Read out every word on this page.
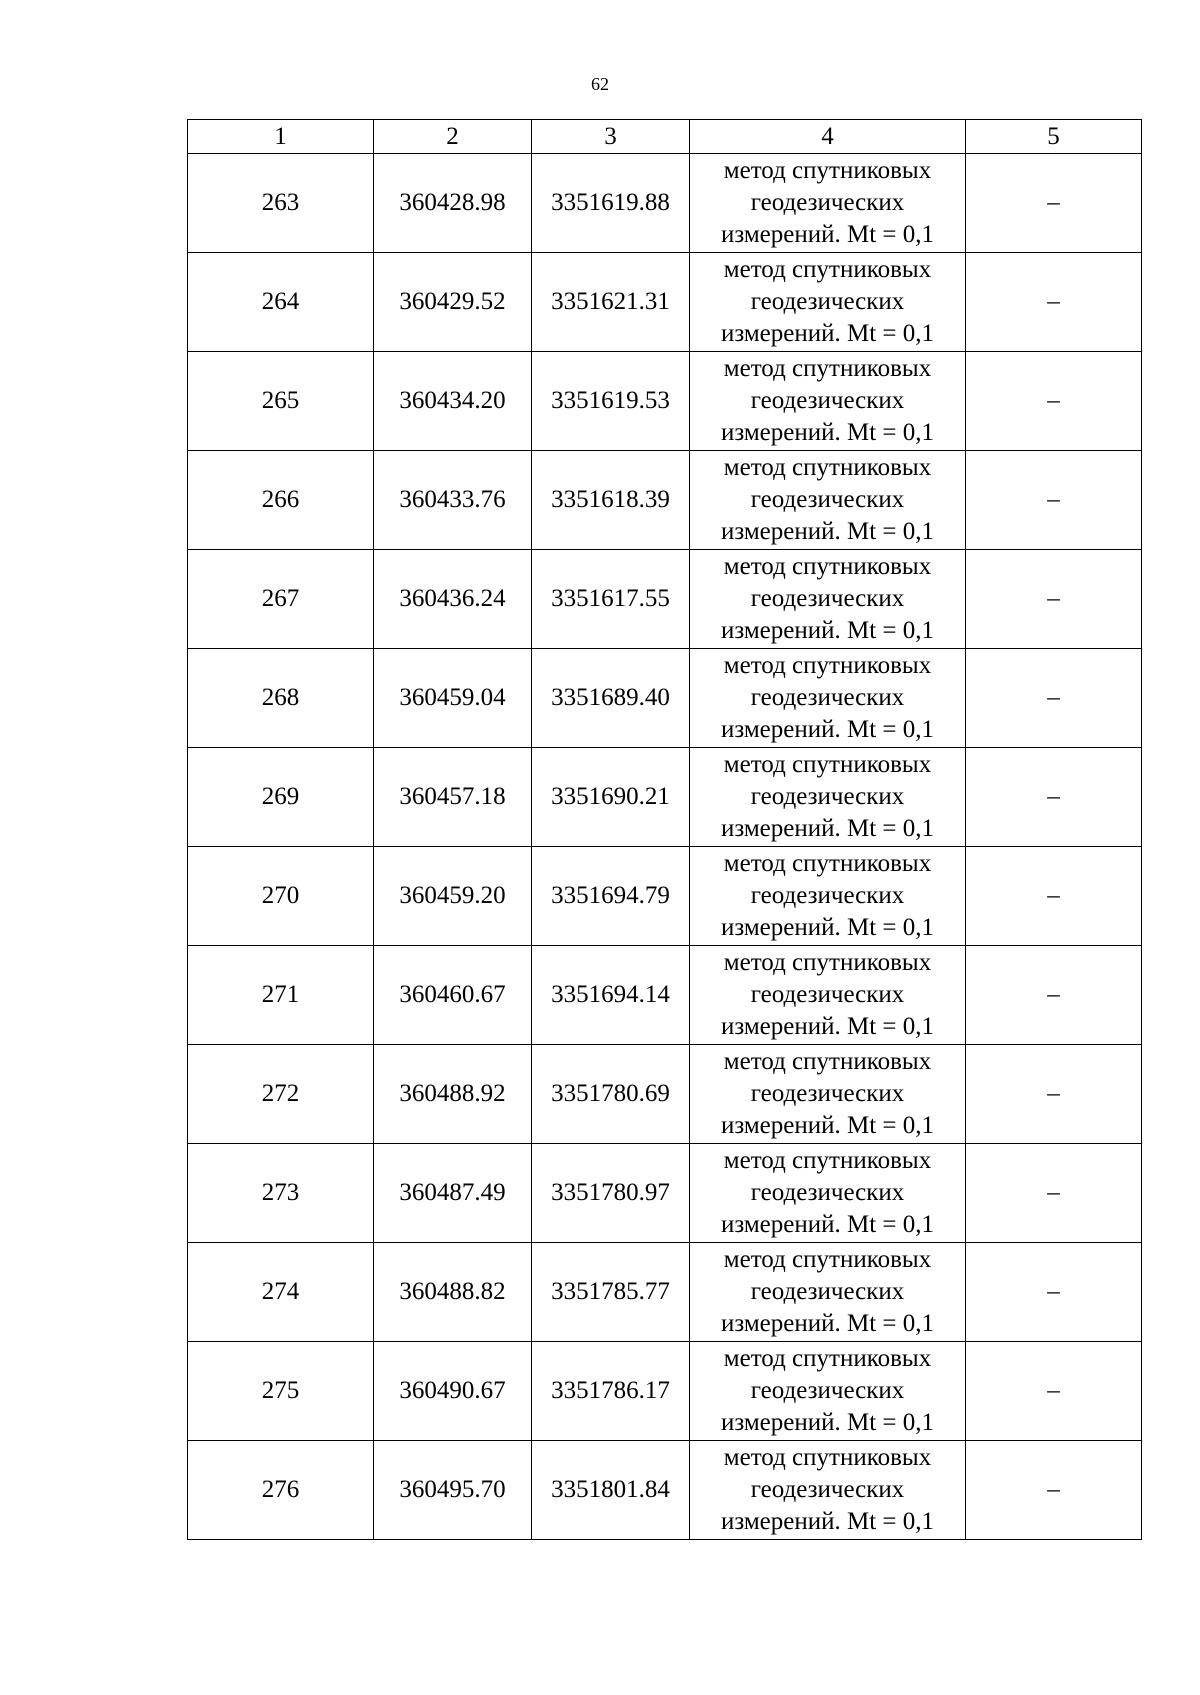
62
1	2	3	4	5
263	360428.98	3351619.88	метод спутниковых
геодезических
измерений. Mt = 0,1	–
264	360429.52	3351621.31	метод спутниковых
геодезических
измерений. Mt = 0,1	–
265	360434.20	3351619.53	метод спутниковых
геодезических
измерений. Mt = 0,1	–
266	360433.76	3351618.39	метод спутниковых
геодезических
измерений. Mt = 0,1	–
267	360436.24	3351617.55	метод спутниковых
геодезических
измерений. Mt = 0,1	–
268	360459.04	3351689.40	метод спутниковых
геодезических
измерений. Mt = 0,1	–
269	360457.18	3351690.21	метод спутниковых
геодезических
измерений. Mt = 0,1	–
270	360459.20	3351694.79	метод спутниковых
геодезических
измерений. Mt = 0,1	–
271	360460.67	3351694.14	метод спутниковых
геодезических
измерений. Mt = 0,1	–
272	360488.92	3351780.69	метод спутниковых
геодезических
измерений. Mt = 0,1	–
273	360487.49	3351780.97	метод спутниковых
геодезических
измерений. Mt = 0,1	–
274	360488.82	3351785.77	метод спутниковых
геодезических
измерений. Mt = 0,1	–
275	360490.67	3351786.17	метод спутниковых
геодезических
измерений. Mt = 0,1	–
276	360495.70	3351801.84	метод спутниковых
геодезических
измерений. Mt = 0,1	–
